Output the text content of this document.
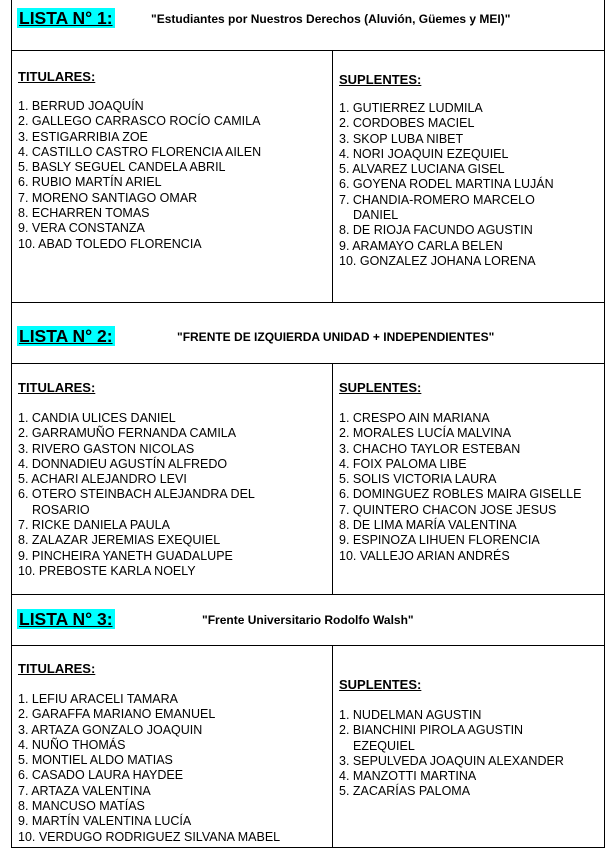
LISTA N° 1:	"Estudiantes por Nuestros Derechos (Aluvión, Güemes y MEI)"
TITULARES:
1. BERRUD JOAQUÍN
2. GALLEGO CARRASCO ROCÍO CAMILA
3. ESTIGARRIBIA ZOE
4. CASTILLO CASTRO FLORENCIA AILEN
5. BASLY SEGUEL CANDELA ABRIL
6. RUBIO MARTÍN ARIEL
7. MORENO SANTIAGO OMAR
8. ECHARREN TOMAS
9. VERA CONSTANZA
10. ABAD TOLEDO FLORENCIA
SUPLENTES:
1. GUTIERREZ LUDMILA
2. CORDOBES MACIEL
3. SKOP LUBA NIBET
4. NORI JOAQUIN EZEQUIEL
5. ALVAREZ LUCIANA GISEL
6. GOYENA RODEL MARTINA LUJÁN
7. CHANDIA-ROMERO MARCELO
DANIEL
8. DE RIOJA FACUNDO AGUSTIN
9. ARAMAYO CARLA BELEN
10. GONZALEZ JOHANA LORENA
LISTA N° 2:	"FRENTE DE IZQUIERDA UNIDAD + INDEPENDIENTES"
TITULARES:
1. CANDIA ULICES DANIEL
2. GARRAMUÑO FERNANDA CAMILA
3. RIVERO GASTON NICOLAS
4. DONNADIEU AGUSTÍN ALFREDO
5. ACHARI ALEJANDRO LEVI
6. OTERO STEINBACH ALEJANDRA DEL
ROSARIO
7. RICKE DANIELA PAULA
8. ZALAZAR JEREMIAS EXEQUIEL
9. PINCHEIRA YANETH GUADALUPE
10. PREBOSTE KARLA NOELY
SUPLENTES:
1. CRESPO AIN MARIANA
2. MORALES LUCÍA MALVINA
3. CHACHO TAYLOR ESTEBAN
4. FOIX PALOMA LIBE
5. SOLIS VICTORIA LAURA
6. DOMINGUEZ ROBLES MAIRA GISELLE
7. QUINTERO CHACON JOSE JESUS
8. DE LIMA MARÍA VALENTINA
9. ESPINOZA LIHUEN FLORENCIA
10. VALLEJO ARIAN ANDRÉS
LISTA N° 3:	"Frente Universitario Rodolfo Walsh"
TITULARES:
1. LEFIU ARACELI TAMARA
2. GARAFFA MARIANO EMANUEL
3. ARTAZA GONZALO JOAQUIN
4. NUÑO THOMÁS
5. MONTIEL ALDO MATIAS
6. CASADO LAURA HAYDEE
7. ARTAZA VALENTINA
8. MANCUSO MATÍAS
9. MARTÍN VALENTINA LUCÍA
10. VERDUGO RODRIGUEZ SILVANA MABEL
SUPLENTES:
1. NUDELMAN AGUSTIN
2. BIANCHINI PIROLA AGUSTIN
EZEQUIEL
3. SEPULVEDA JOAQUIN ALEXANDER
4. MANZOTTI MARTINA
5. ZACARÍAS PALOMA
